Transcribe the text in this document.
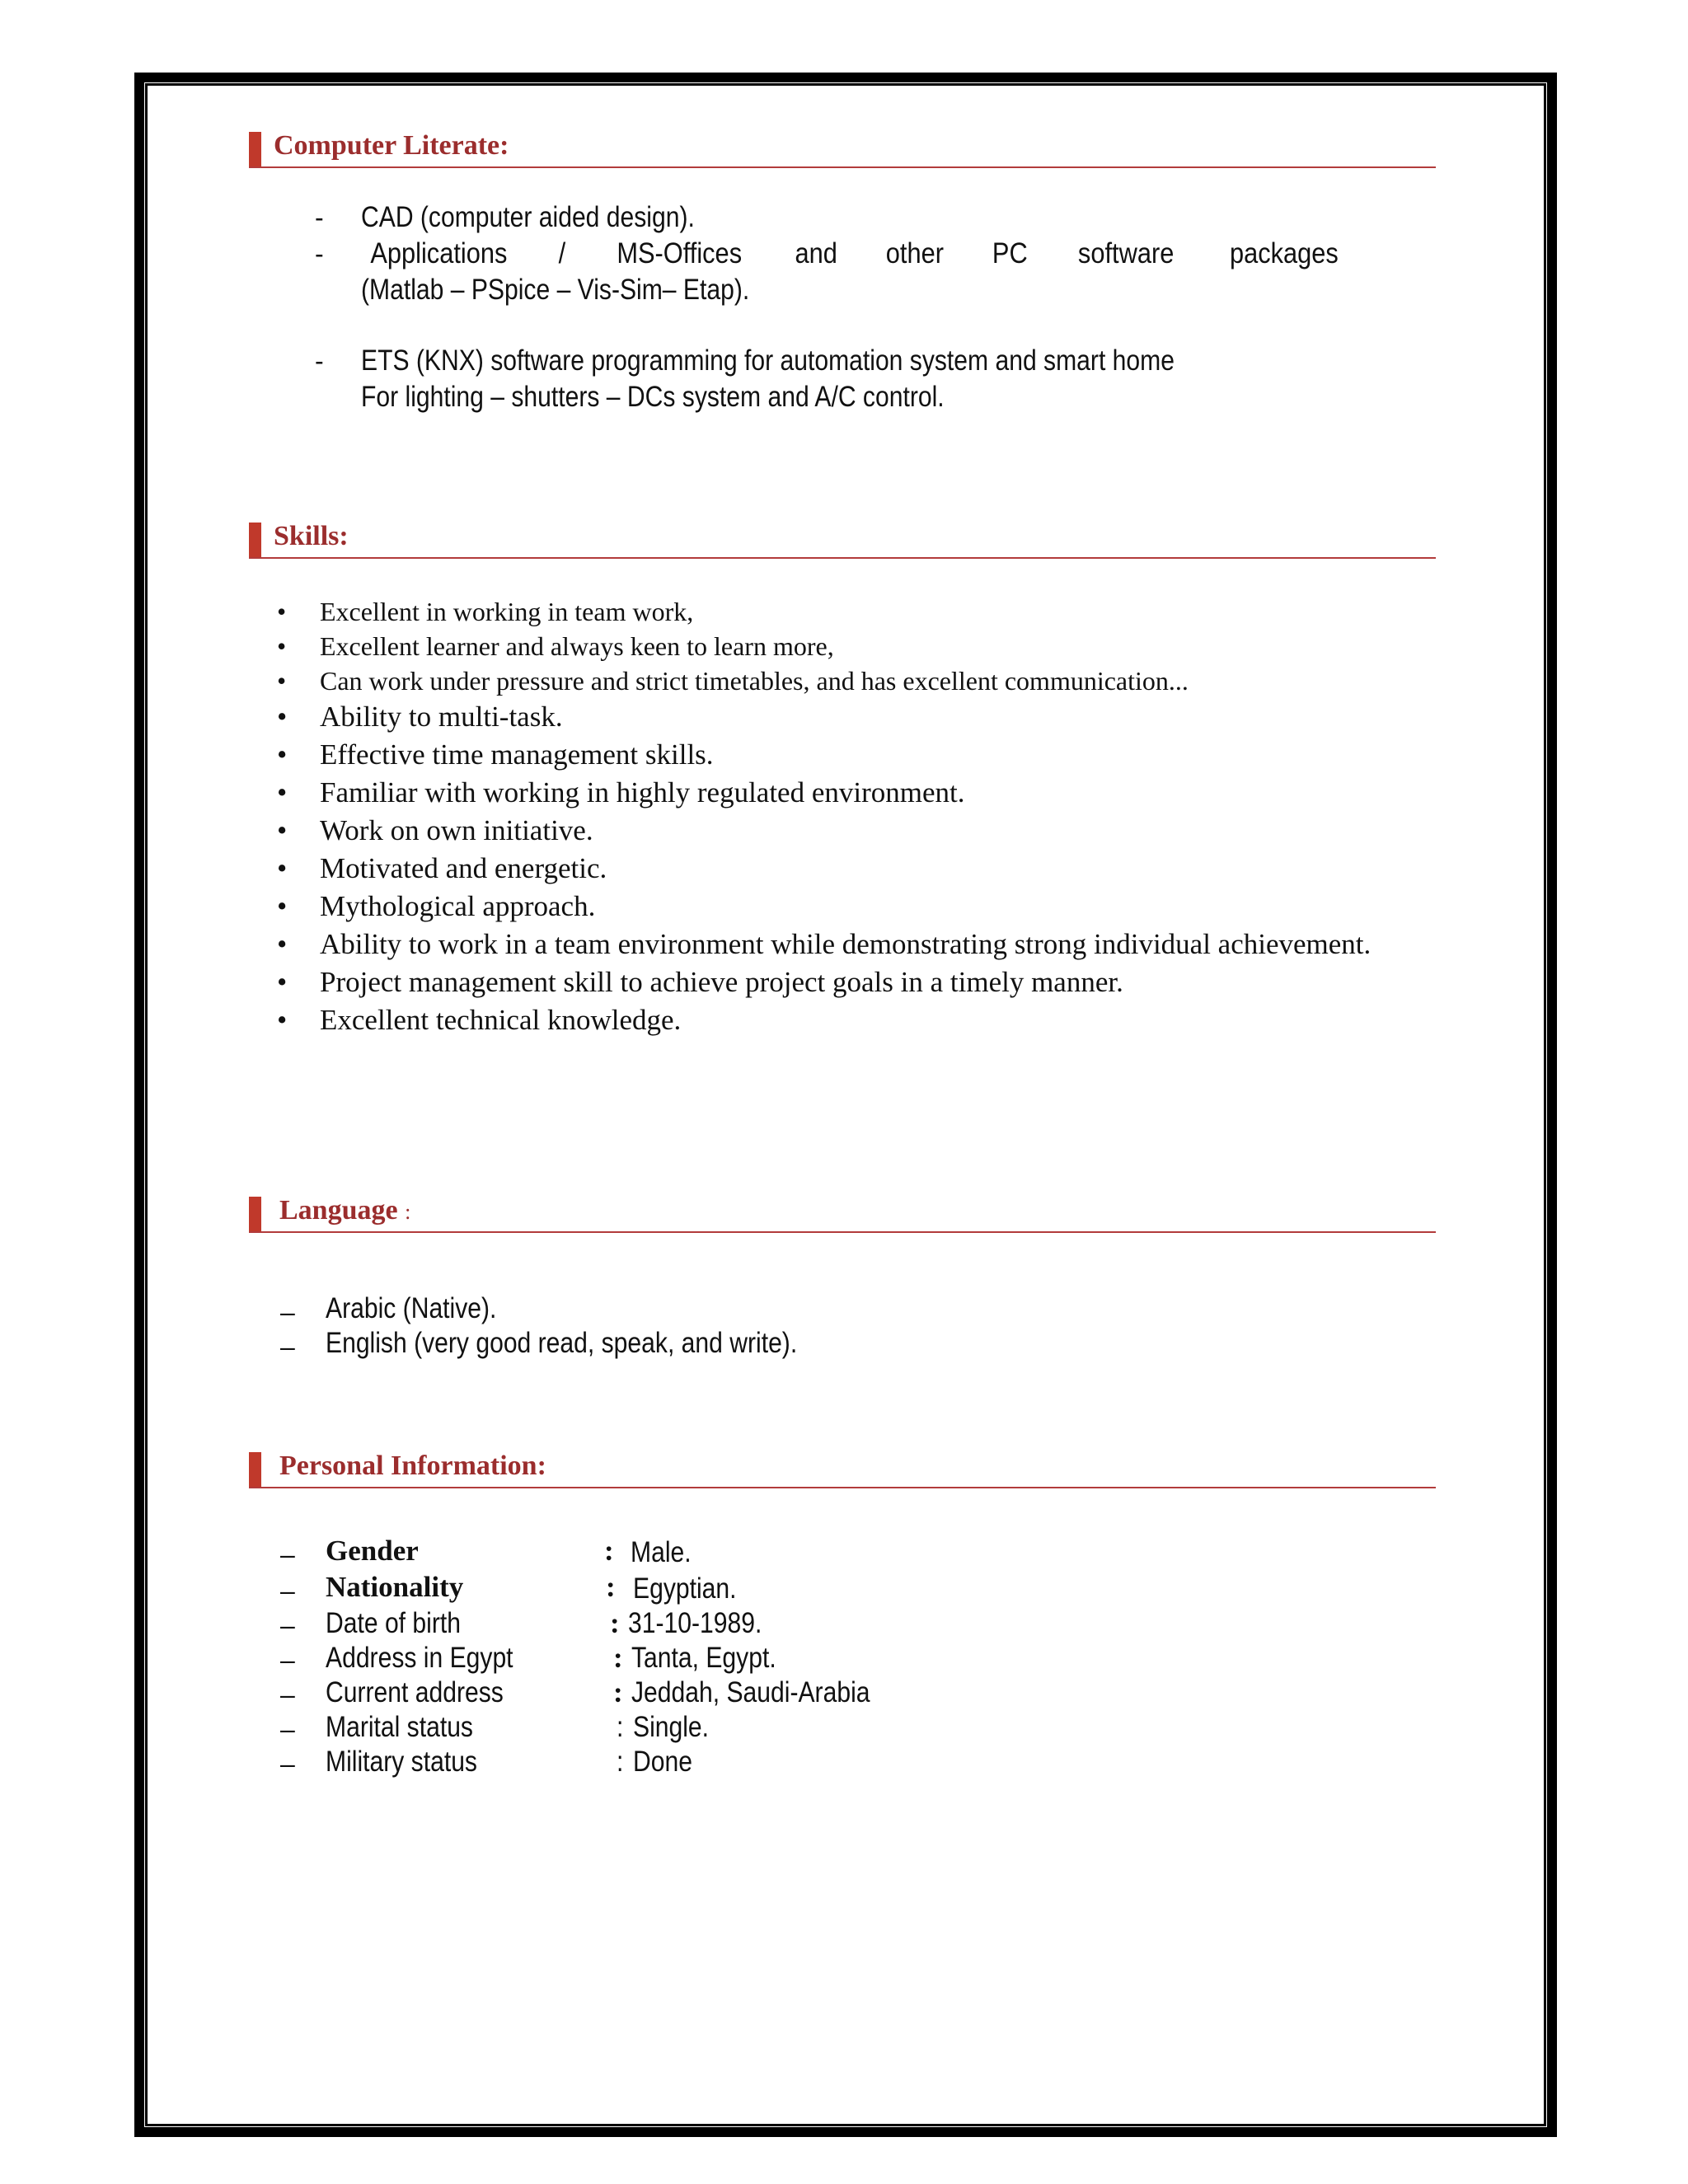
Computer Literate:
- CAD (computer aided design).
- Applications / MS-Offices and other PC software packages
(Matlab – PSpice – Vis-Sim– Etap).
- ETS (KNX) software programming for automation system and smart home
For lighting – shutters – DCs system and A/C control.
Skills:
• Excellent in working in team work,
• Excellent learner and always keen to learn more,
• Can work under pressure and strict timetables, and has excellent communication...
• Ability to multi-task.
• Effective time management skills.
• Familiar with working in highly regulated environment.
• Work on own initiative.
• Motivated and energetic.
• Mythological approach.
• Ability to work in a team environment while demonstrating strong individual achievement.
• Project management skill to achieve project goals in a timely manner.
• Excellent technical knowledge.
Language :
– Arabic (Native).
– English (very good read, speak, and write).
Personal Information:
– Gender	: Male.
– Nationality	: Egyptian.
– Date of birth	: 31-10-1989.
– Address in Egypt	: Tanta, Egypt.
– Current address	: Jeddah, Saudi-Arabia
– Marital status	: Single.
– Military status	: Done
